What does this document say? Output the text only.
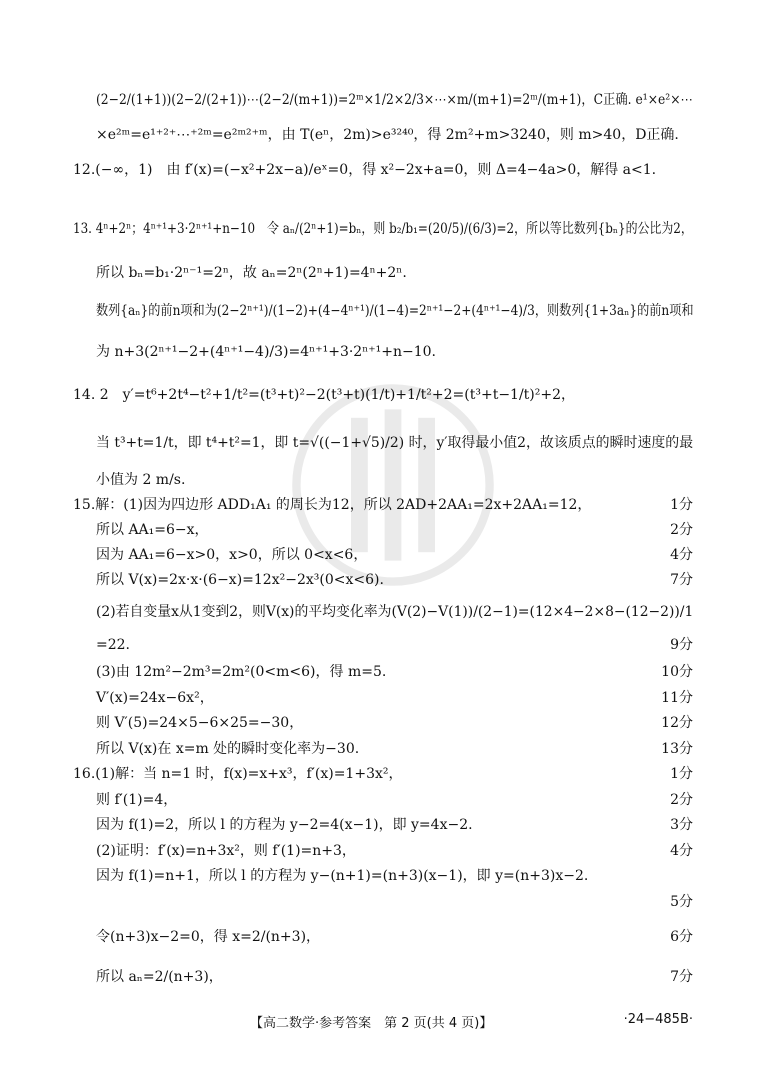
(2−2/(1+1))(2−2/(2+1))⋯(2−2/(m+1))=2ᵐ×1/2×2/3×⋯×m/(m+1)=2ᵐ/(m+1)，C正确. e¹×e²×⋯
×e²ᵐ=e¹⁺²⁺⋯⁺²ᵐ=e²ᵐ²⁺ᵐ，由 T(eⁿ，2m)>e³²⁴⁰，得 2m²+m>3240，则 m>40，D正确.
12.(−∞，1)　由 f′(x)=(−x²+2x−a)/eˣ=0，得 x²−2x+a=0，则 Δ=4−4a>0，解得 a<1.
13. 4ⁿ+2ⁿ；4ⁿ⁺¹+3·2ⁿ⁺¹+n−10　令 aₙ/(2ⁿ+1)=bₙ，则 b₂/b₁=(20/5)/(6/3)=2，所以等比数列{bₙ}的公比为2，
所以 bₙ=b₁·2ⁿ⁻¹=2ⁿ，故 aₙ=2ⁿ(2ⁿ+1)=4ⁿ+2ⁿ.
数列{aₙ}的前n项和为(2−2ⁿ⁺¹)/(1−2)+(4−4ⁿ⁺¹)/(1−4)=2ⁿ⁺¹−2+(4ⁿ⁺¹−4)/3，则数列{1+3aₙ}的前n项和
为 n+3(2ⁿ⁺¹−2+(4ⁿ⁺¹−4)/3)=4ⁿ⁺¹+3·2ⁿ⁺¹+n−10.
14. 2　y′=t⁶+2t⁴−t²+1/t²=(t³+t)²−2(t³+t)(1/t)+1/t²+2=(t³+t−1/t)²+2，
当 t³+t=1/t，即 t⁴+t²=1，即 t=√((−1+√5)/2) 时，y′取得最小值2，故该质点的瞬时速度的最
小值为 2 m/s.
15.解：(1)因为四边形 ADD₁A₁ 的周长为12，所以 2AD+2AA₁=2x+2AA₁=12，	1分
所以 AA₁=6−x，	2分
因为 AA₁=6−x>0，x>0，所以 0<x<6，	4分
所以 V(x)=2x·x·(6−x)=12x²−2x³(0<x<6).	7分
(2)若自变量x从1变到2，则V(x)的平均变化率为(V(2)−V(1))/(2−1)=(12×4−2×8−(12−2))/1
=22.	9分
(3)由 12m²−2m³=2m²(0<m<6)，得 m=5.	10分
V′(x)=24x−6x²，	11分
则 V′(5)=24×5−6×25=−30，	12分
所以 V(x)在 x=m 处的瞬时变化率为−30.	13分
16.(1)解：当 n=1 时，f(x)=x+x³，f′(x)=1+3x²，	1分
则 f′(1)=4，	2分
因为 f(1)=2，所以 l 的方程为 y−2=4(x−1)，即 y=4x−2.	3分
(2)证明：f′(x)=n+3x²，则 f′(1)=n+3，	4分
因为 f(1)=n+1，所以 l 的方程为 y−(n+1)=(n+3)(x−1)，即 y=(n+3)x−2.
5分
令(n+3)x−2=0，得 x=2/(n+3)，	6分
所以 aₙ=2/(n+3)，	7分
【高二数学·参考答案　第 2 页(共 4 页)】	·24−485B·
